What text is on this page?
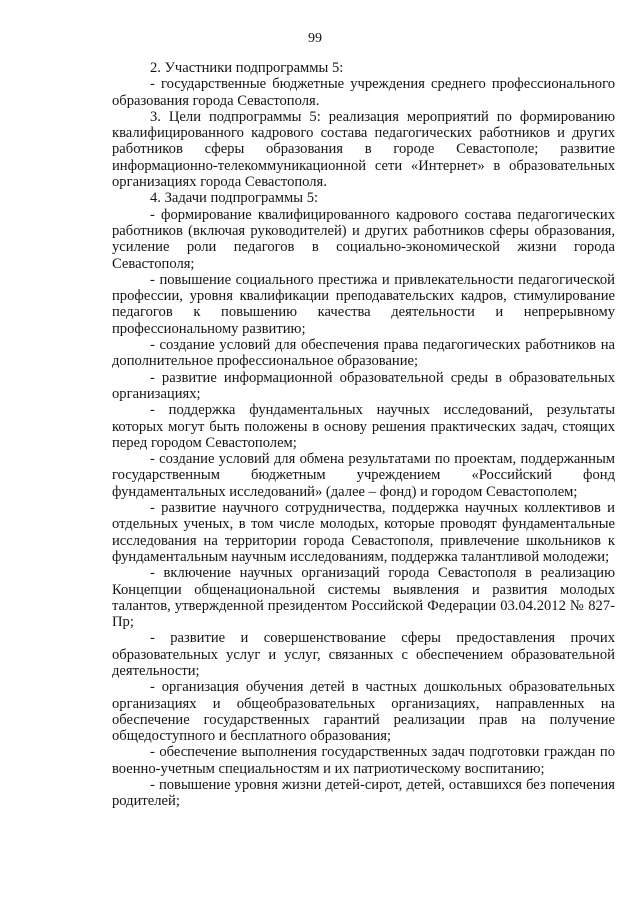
99

2. Участники подпрограммы 5:

- государственные бюджетные учреждения среднего профессионального образования города Севастополя.

3. Цели подпрограммы 5: реализация мероприятий по формированию квалифицированного кадрового состава педагогических работников и других работников сферы образования в городе Севастополе; развитие информационно-телекоммуникационной сети «Интернет» в образовательных организациях города Севастополя.

4. Задачи подпрограммы 5:

- формирование квалифицированного кадрового состава педагогических работников (включая руководителей) и других работников сферы образования, усиление роли педагогов в социально-экономической жизни города Севастополя;

- повышение социального престижа и привлекательности педагогической профессии, уровня квалификации преподавательских кадров, стимулирование педагогов к повышению качества деятельности и непрерывному профессиональному развитию;

- создание условий для обеспечения права педагогических работников на дополнительное профессиональное образование;

- развитие информационной образовательной среды в образовательных организациях;

- поддержка фундаментальных научных исследований, результаты которых могут быть положены в основу решения практических задач, стоящих перед городом Севастополем;

- создание условий для обмена результатами по проектам, поддержанным государственным бюджетным учреждением «Российский фонд фундаментальных исследований» (далее – фонд) и городом Севастополем;

- развитие научного сотрудничества, поддержка научных коллективов и отдельных ученых, в том числе молодых, которые проводят фундаментальные исследования на территории города Севастополя, привлечение школьников к фундаментальным научным исследованиям, поддержка талантливой молодежи;

- включение научных организаций города Севастополя в реализацию Концепции общенациональной системы выявления и развития молодых талантов, утвержденной президентом Российской Федерации 03.04.2012 № 827-Пр;

- развитие и совершенствование сферы предоставления прочих образовательных услуг и услуг, связанных с обеспечением образовательной деятельности;

- организация обучения детей в частных дошкольных образовательных организациях и общеобразовательных организациях, направленных на обеспечение государственных гарантий реализации прав на получение общедоступного и бесплатного образования;

- обеспечение выполнения государственных задач подготовки граждан по военно-учетным специальностям и их патриотическому воспитанию;

- повышение уровня жизни детей-сирот, детей, оставшихся без попечения родителей;
